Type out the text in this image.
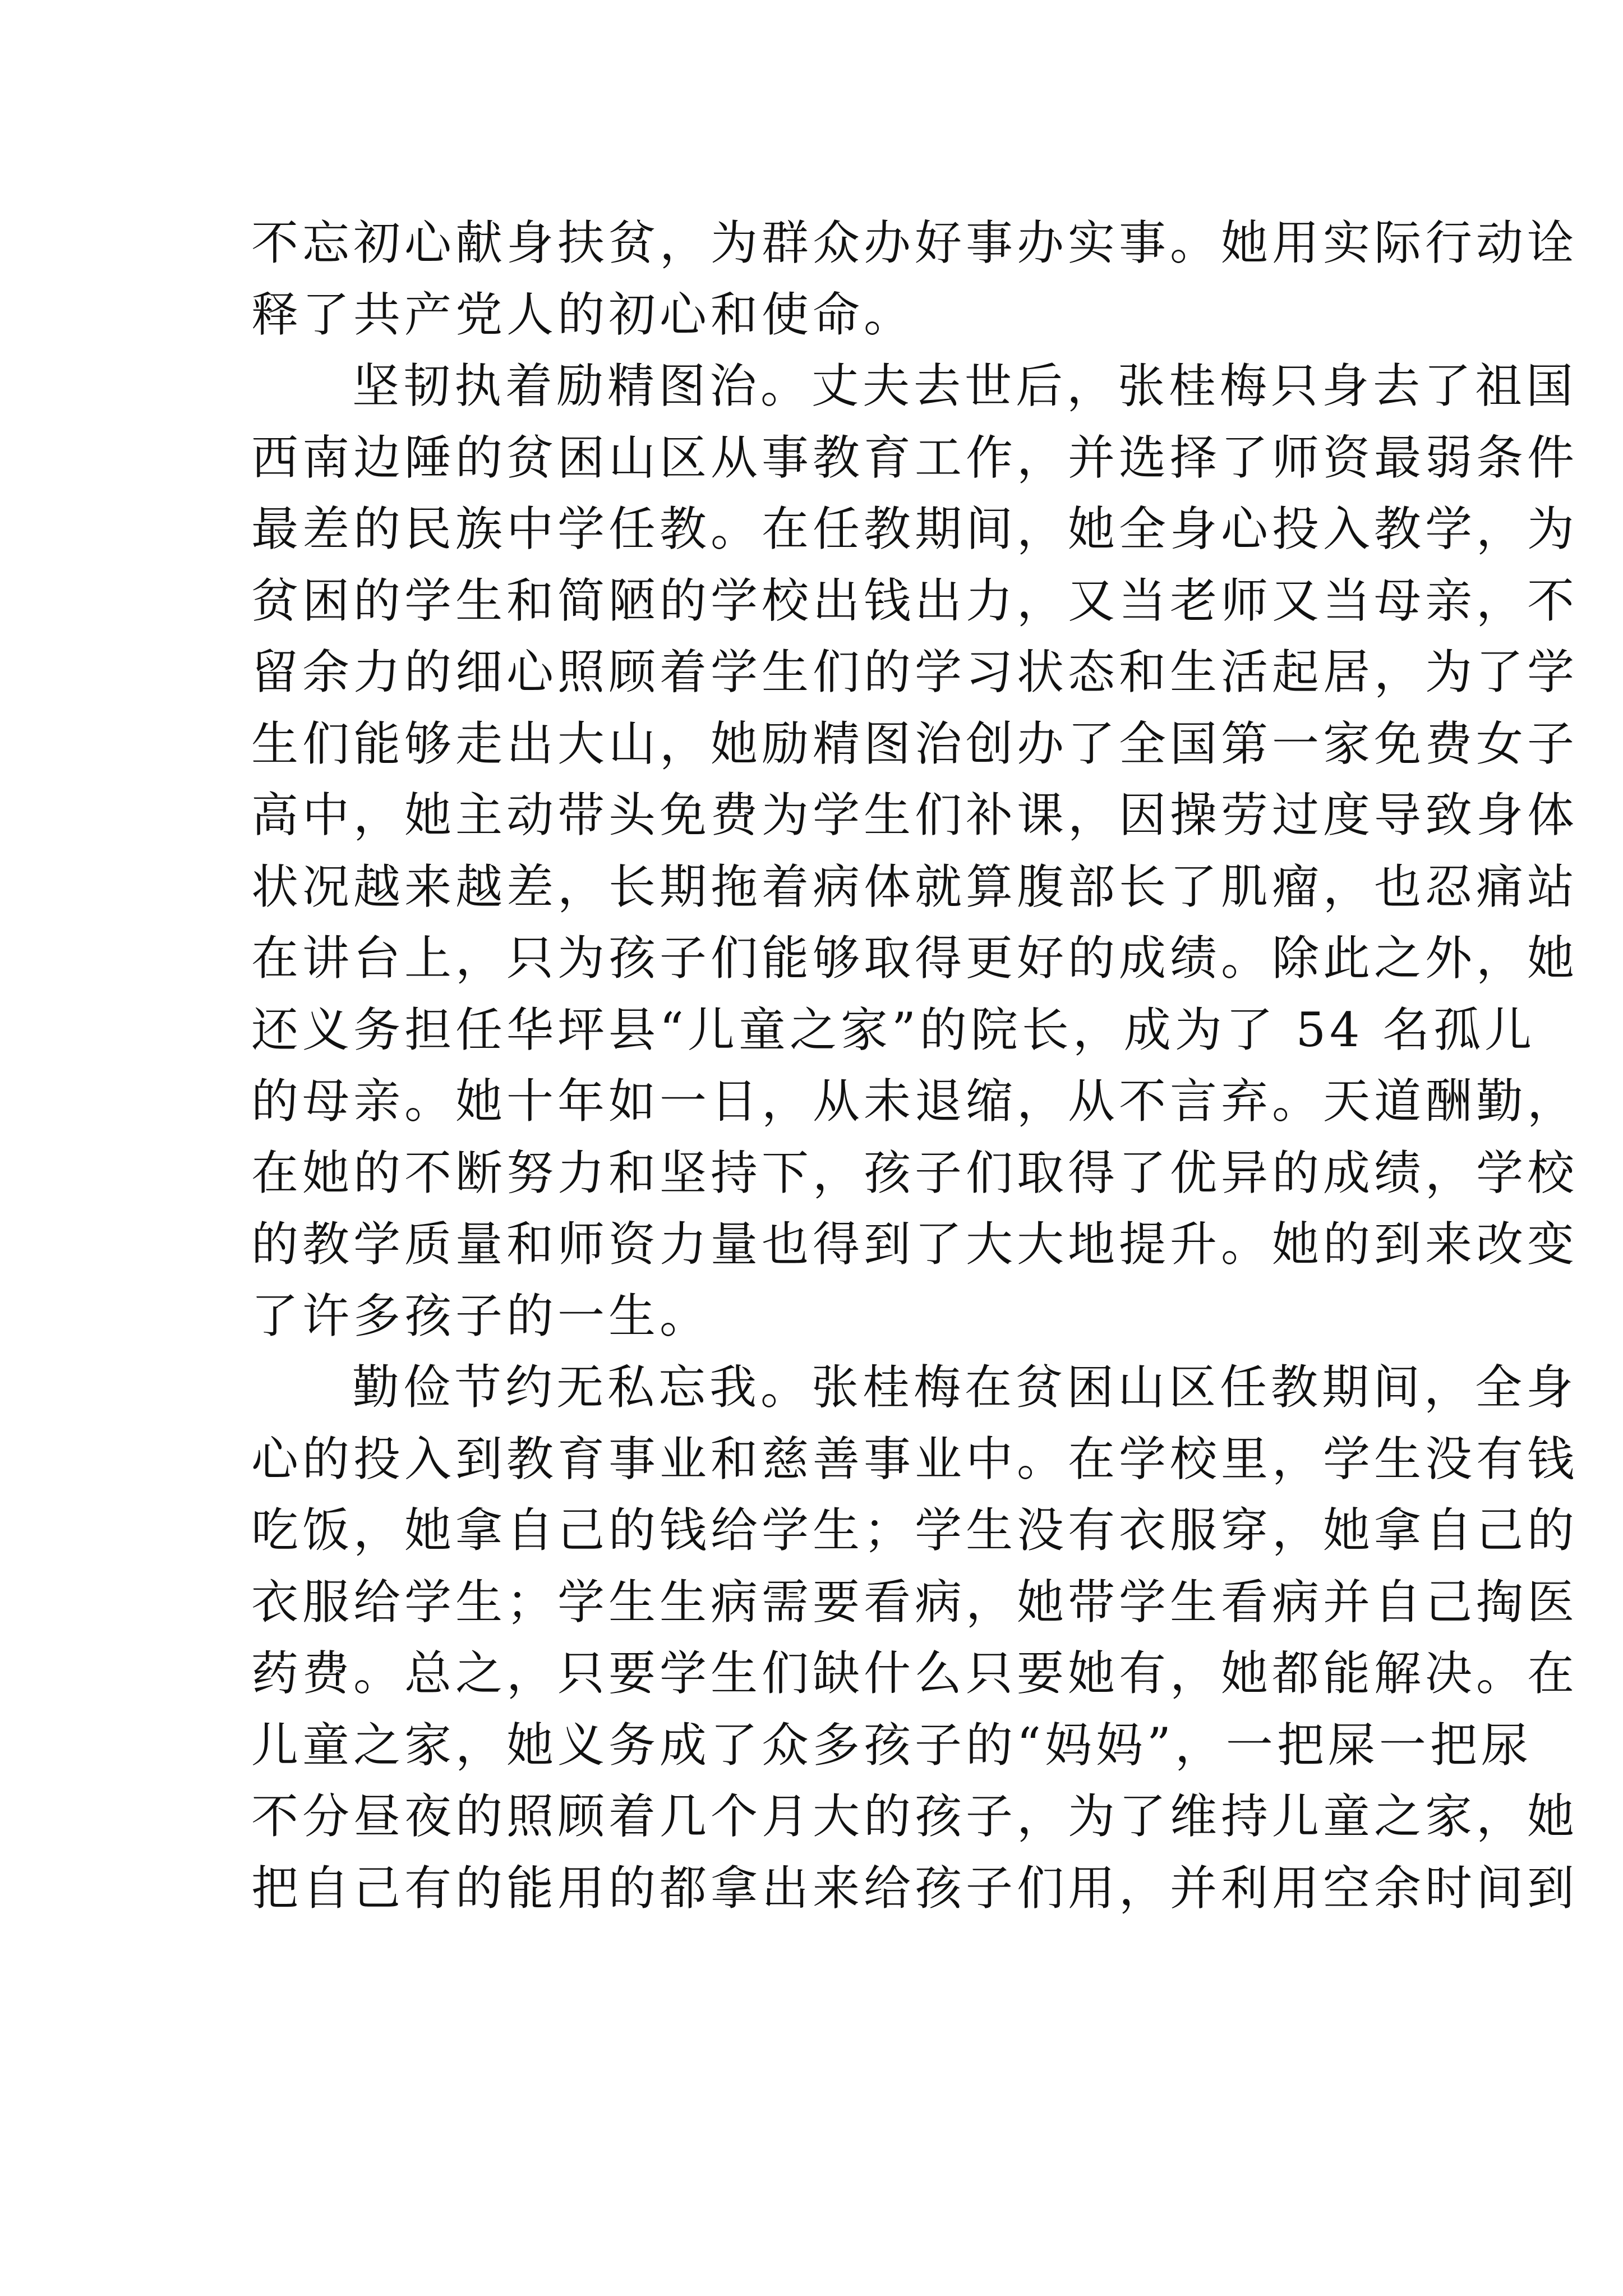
不忘初心献身扶贫，为群众办好事办实事。她用实际行动诠
释了共产党人的初心和使命。
坚韧执着励精图治。丈夫去世后，张桂梅只身去了祖国
西南边陲的贫困山区从事教育工作，并选择了师资最弱条件
最差的民族中学任教。在任教期间，她全身心投入教学，为
贫困的学生和简陋的学校出钱出力，又当老师又当母亲，不
留余力的细心照顾着学生们的学习状态和生活起居，为了学
生们能够走出大山，她励精图治创办了全国第一家免费女子
高中，她主动带头免费为学生们补课，因操劳过度导致身体
状况越来越差，长期拖着病体就算腹部长了肌瘤，也忍痛站
在讲台上，只为孩子们能够取得更好的成绩。除此之外，她
还义务担任华坪县“儿童之家”的院长，成为了 54 名孤儿
的母亲。她十年如一日，从未退缩，从不言弃。天道酬勤，
在她的不断努力和坚持下，孩子们取得了优异的成绩，学校
的教学质量和师资力量也得到了大大地提升。她的到来改变
了许多孩子的一生。
勤俭节约无私忘我。张桂梅在贫困山区任教期间，全身
心的投入到教育事业和慈善事业中。在学校里，学生没有钱
吃饭，她拿自己的钱给学生；学生没有衣服穿，她拿自己的
衣服给学生；学生生病需要看病，她带学生看病并自己掏医
药费。总之，只要学生们缺什么只要她有，她都能解决。在
儿童之家，她义务成了众多孩子的“妈妈”，一把屎一把尿
不分昼夜的照顾着几个月大的孩子，为了维持儿童之家，她
把自己有的能用的都拿出来给孩子们用，并利用空余时间到
